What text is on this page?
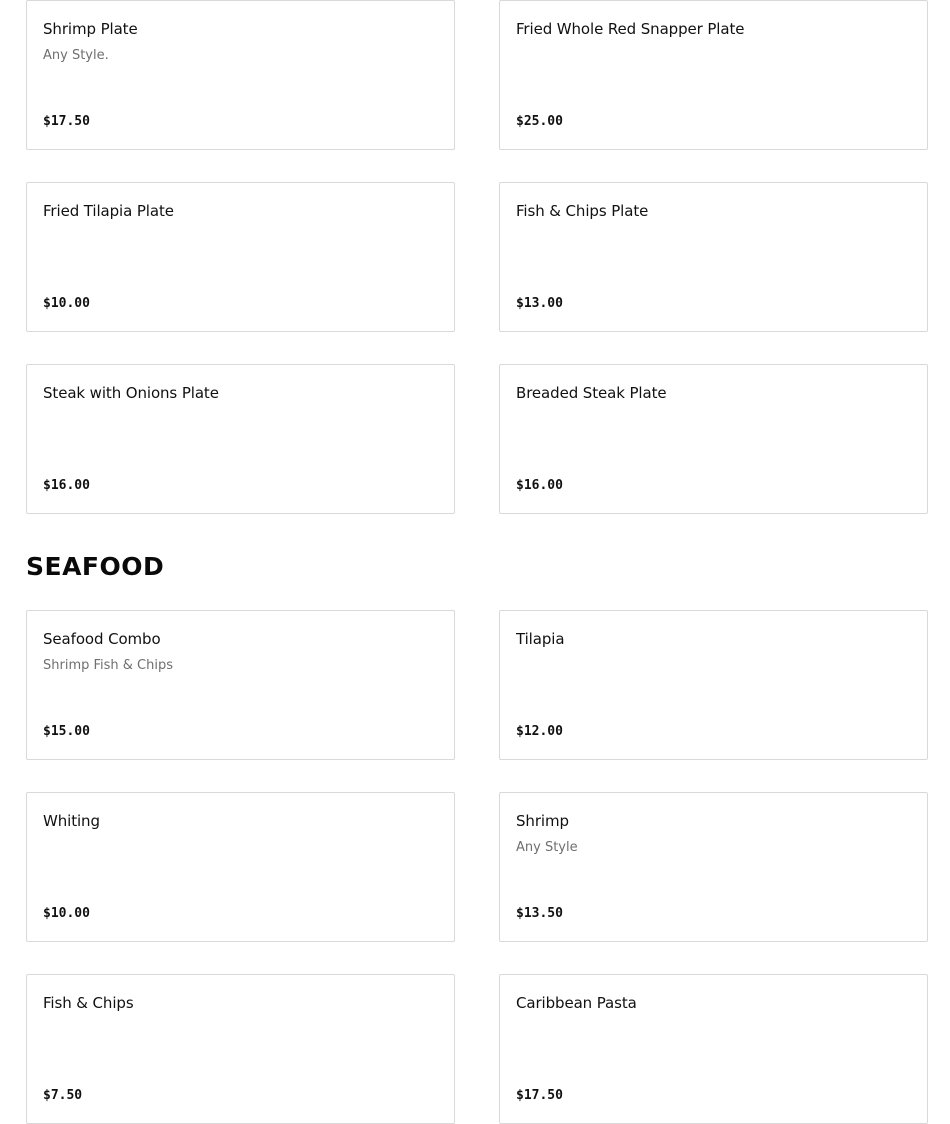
Shrimp Plate
Any Style.
$17.50
Fried Whole Red Snapper Plate
$25.00
Fried Tilapia Plate
$10.00
Fish & Chips Plate
$13.00
Steak with Onions Plate
$16.00
Breaded Steak Plate
$16.00
SEAFOOD
Seafood Combo
Shrimp Fish & Chips
$15.00
Tilapia
$12.00
Whiting
$10.00
Shrimp
Any Style
$13.50
Fish & Chips
$7.50
Caribbean Pasta
$17.50
